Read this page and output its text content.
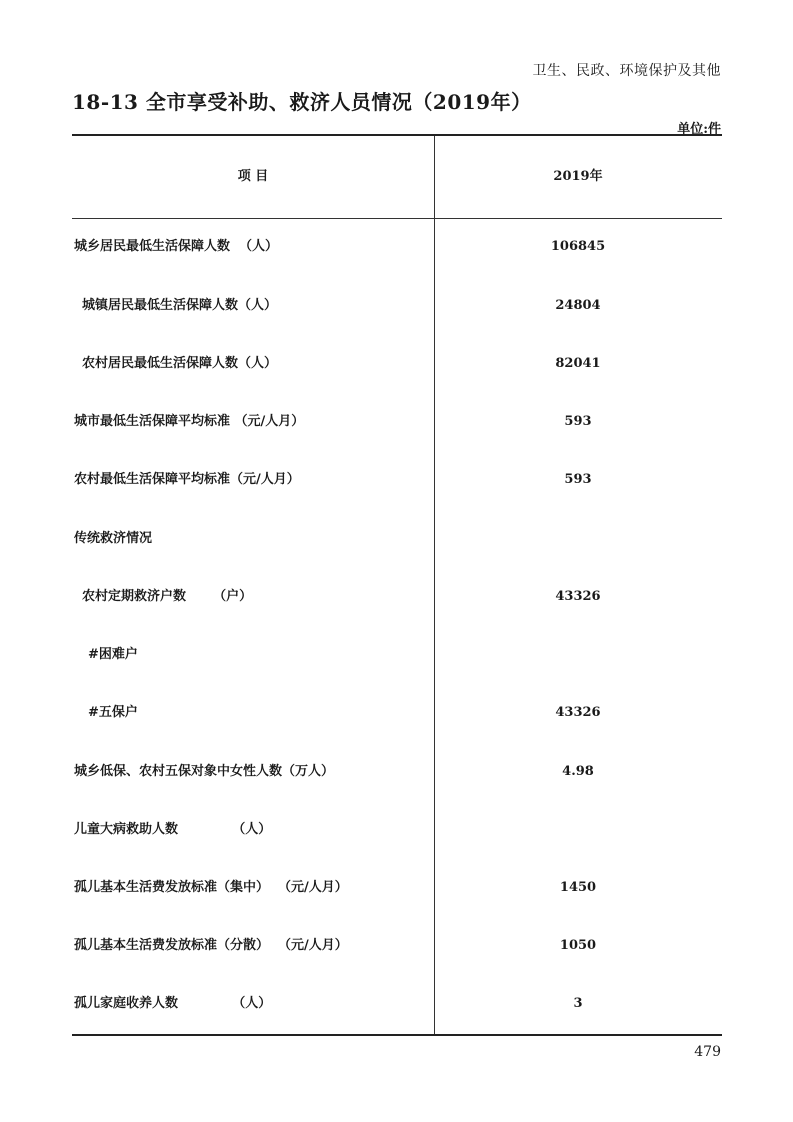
卫生、民政、环境保护及其他
18-13 全市享受补助、救济人员情况（2019年）
单位:件
项 目	2019年
城乡居民最低生活保障人数  （人）	106845
城镇居民最低生活保障人数（人）	24804
农村居民最低生活保障人数（人）	82041
城市最低生活保障平均标准 （元/人月）	593
农村最低生活保障平均标准（元/人月）	593
传统救济情况
农村定期救济户数      （户）	43326
#困难户
#五保户	43326
城乡低保、农村五保对象中女性人数（万人）	4.98
儿童大病救助人数            （人）
孤儿基本生活费发放标准（集中）  （元/人月）	1450
孤儿基本生活费发放标准（分散）  （元/人月）	1050
孤儿家庭收养人数            （人）	3
479
